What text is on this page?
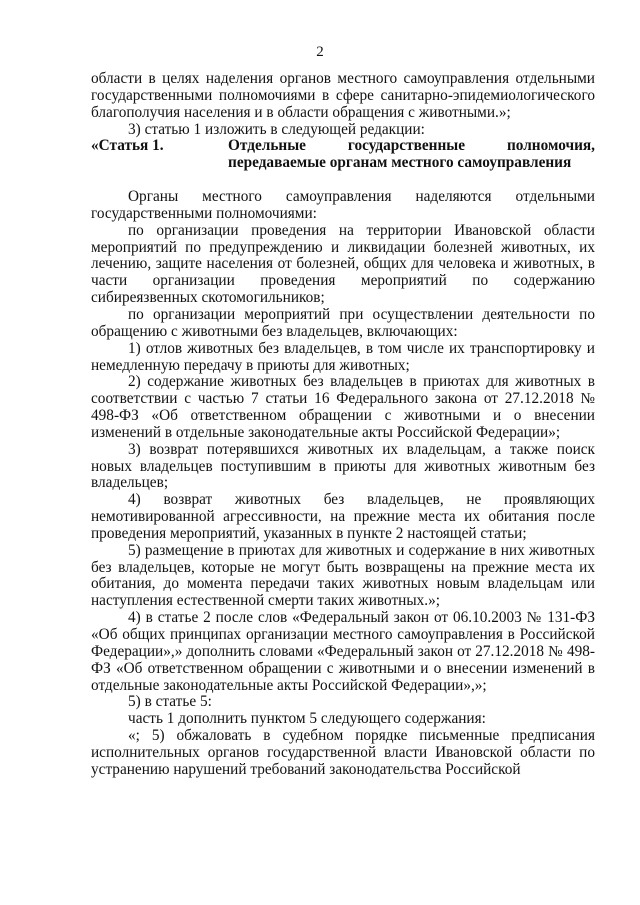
2

области в целях наделения органов местного самоуправления отдельными государственными полномочиями в сфере санитарно-эпидемиологического благополучия населения и в области обращения с животными.»;

3) статью 1 изложить в следующей редакции:

«Статья 1.	Отдельные государственные полномочия,
передаваемые органам местного самоуправления

Органы местного самоуправления наделяются отдельными государственными полномочиями:

по организации проведения на территории Ивановской области мероприятий по предупреждению и ликвидации болезней животных, их лечению, защите населения от болезней, общих для человека и животных, в части организации проведения мероприятий по содержанию сибиреязвенных скотомогильников;

по организации мероприятий при осуществлении деятельности по обращению с животными без владельцев, включающих:

1) отлов животных без владельцев, в том числе их транспортировку и немедленную передачу в приюты для животных;

2) содержание животных без владельцев в приютах для животных в соответствии с частью 7 статьи 16 Федерального закона от 27.12.2018 № 498-ФЗ «Об ответственном обращении с животными и о внесении изменений в отдельные законодательные акты Российской Федерации»;

3) возврат потерявшихся животных их владельцам, а также поиск новых владельцев поступившим в приюты для животных животным без владельцев;

4) возврат животных без владельцев, не проявляющих немотивированной агрессивности, на прежние места их обитания после проведения мероприятий, указанных в пункте 2 настоящей статьи;

5) размещение в приютах для животных и содержание в них животных без владельцев, которые не могут быть возвращены на прежние места их обитания, до момента передачи таких животных новым владельцам или наступления естественной смерти таких животных.»;

4) в статье 2 после слов «Федеральный закон от 06.10.2003 № 131-ФЗ «Об общих принципах организации местного самоуправления в Российской Федерации»,» дополнить словами «Федеральный закон от 27.12.2018 № 498-ФЗ «Об ответственном обращении с животными и о внесении изменений в отдельные законодательные акты Российской Федерации»,»;

5) в статье 5:

часть 1 дополнить пунктом 5 следующего содержания:

«; 5) обжаловать в судебном порядке письменные предписания исполнительных органов государственной власти Ивановской области по устранению нарушений требований законодательства Российской
